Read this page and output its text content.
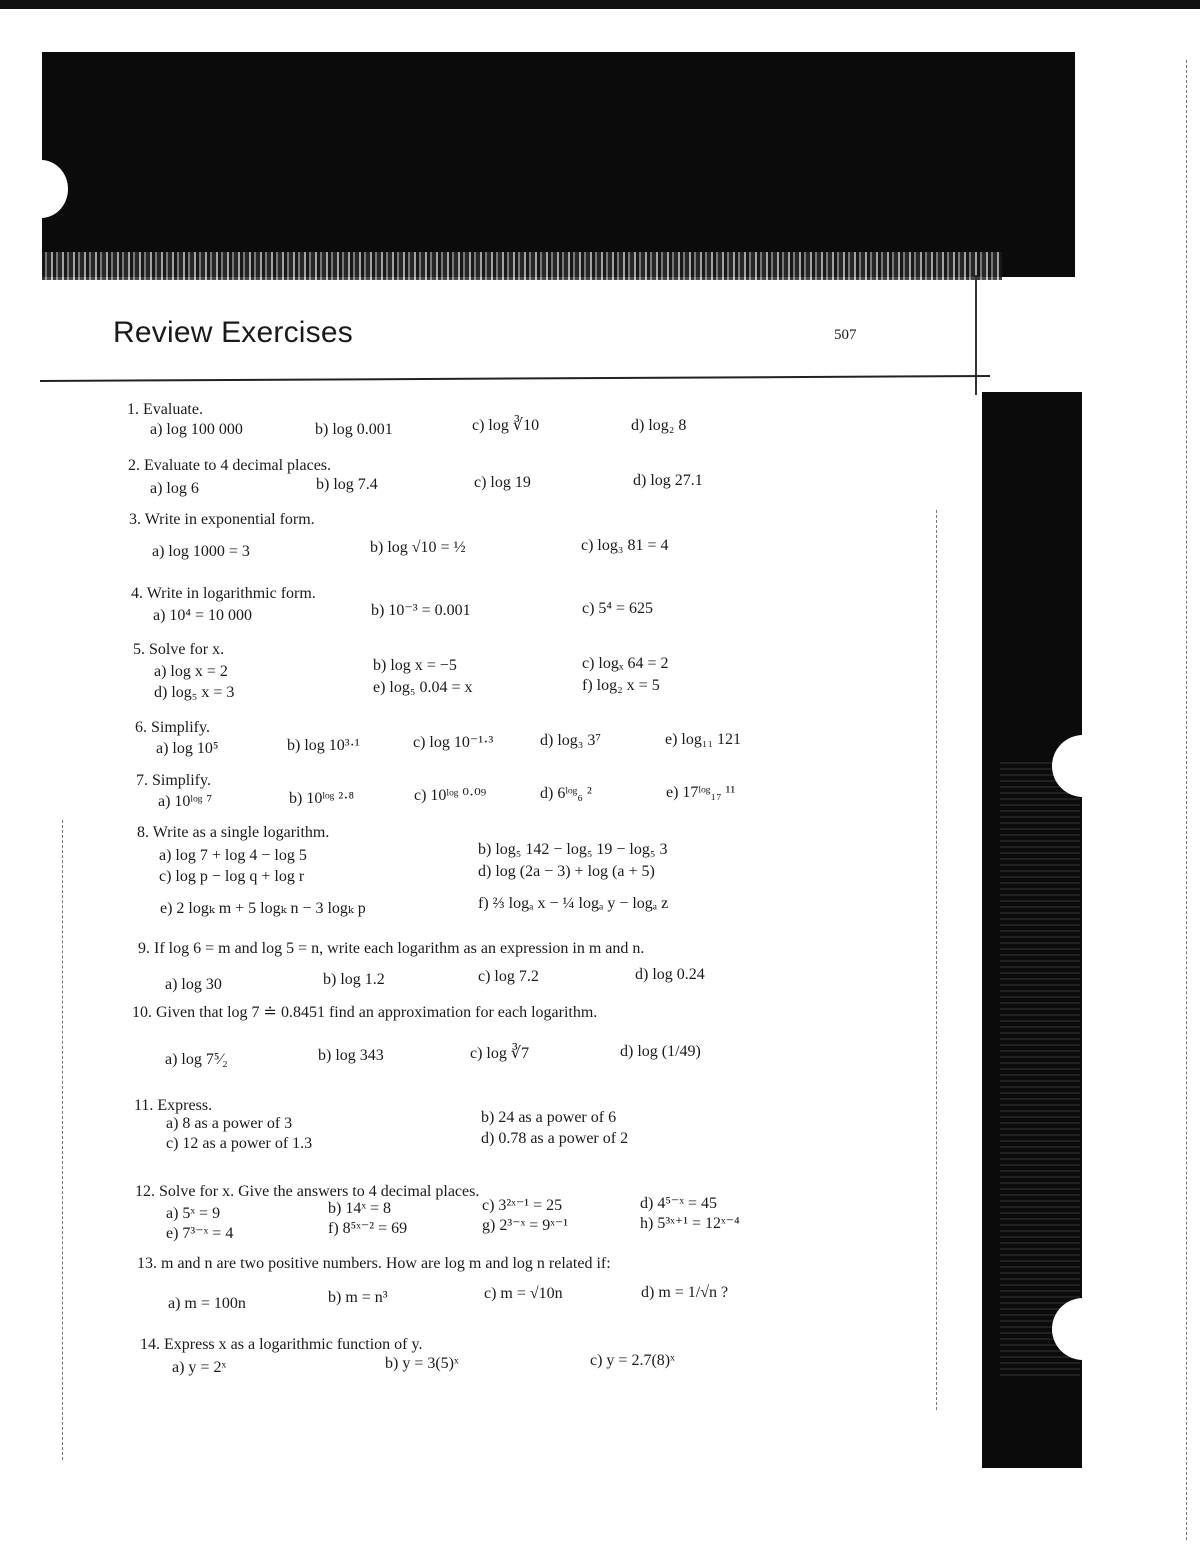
Review Exercises	507
1. Evaluate.
a) log 100 000	b) log 0.001	c) log ∛10	d) log₂ 8
2. Evaluate to 4 decimal places.
a) log 6	b) log 7.4	c) log 19	d) log 27.1
3. Write in exponential form.
a) log 1000 = 3	b) log √10 = ½	c) log₃ 81 = 4
4. Write in logarithmic form.
a) 10⁴ = 10 000	b) 10⁻³ = 0.001	c) 5⁴ = 625
5. Solve for x.
a) log x = 2	b) log x = −5	c) logₓ 64 = 2
d) log₅ x = 3	e) log₅ 0.04 = x	f) log₂ x = 5
6. Simplify.
a) log 10⁵	b) log 10³·¹	c) log 10⁻¹·³	d) log₃ 3⁷	e) log₁₁ 121
7. Simplify.
a) 10ˡᵒᵍ ⁷	b) 10ˡᵒᵍ ²·⁸	c) 10ˡᵒᵍ ⁰·⁰⁹	d) 6ˡᵒᵍ₆ ²	e) 17ˡᵒᵍ₁₇ ¹¹
8. Write as a single logarithm.
a) log 7 + log 4 − log 5	b) log₅ 142 − log₅ 19 − log₅ 3
c) log p − log q + log r	d) log (2a − 3) + log (a + 5)
e) 2 logₖ m + 5 logₖ n − 3 logₖ p	f) ⅔ logₐ x − ¼ logₐ y − logₐ z
9. If log 6 = m and log 5 = n, write each logarithm as an expression in m and n.
a) log 30	b) log 1.2	c) log 7.2	d) log 0.24
10. Given that log 7 ≐ 0.8451 find an approximation for each logarithm.
a) log 7⁵⁄₂	b) log 343	c) log ∛7	d) log (1/49)
11. Express.
a) 8 as a power of 3	b) 24 as a power of 6
c) 12 as a power of 1.3	d) 0.78 as a power of 2
12. Solve for x. Give the answers to 4 decimal places.
a) 5ˣ = 9	b) 14ˣ = 8	c) 3²ˣ⁻¹ = 25	d) 4⁵⁻ˣ = 45
e) 7³⁻ˣ = 4	f) 8⁵ˣ⁻² = 69	g) 2³⁻ˣ = 9ˣ⁻¹	h) 5³ˣ⁺¹ = 12ˣ⁻⁴
13. m and n are two positive numbers. How are log m and log n related if:
a) m = 100n	b) m = n³	c) m = √10n	d) m = 1/√n ?
14. Express x as a logarithmic function of y.
a) y = 2ˣ	b) y = 3(5)ˣ	c) y = 2.7(8)ˣ
